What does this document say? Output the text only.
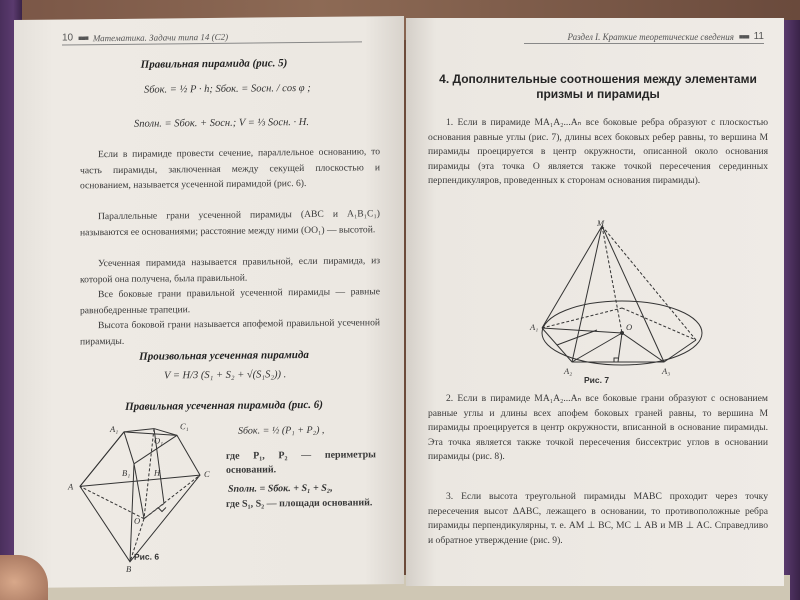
10 ■■■ Математика. Задачи типа 14 (С2)
Правильная пирамида (рис. 5)
Sбок. = ½ P · h; Sбок. = Sосн. / cos φ ;
Sполн. = Sбок. + Sосн.; V = ⅓ Sосн. · H.
Если в пирамиде провести сечение, параллельное основанию, то часть пирамиды, заключенная между секущей плоскостью и основанием, называется усеченной пирамидой (рис. 6).
Параллельные грани усеченной пирамиды (ABC и A₁B₁C₁) называются ее основаниями; расстояние между ними (OO₁) — высотой.
Усеченная пирамида называется правильной, если пирамида, из которой она получена, была правильной.
Все боковые грани правильной усеченной пирамиды — равные равнобедренные трапеции.
Высота боковой грани называется апофемой правильной усеченной пирамиды.
Произвольная усеченная пирамида
V = H/3 (S₁ + S₂ + √(S₁S₂)) .
Правильная усеченная пирамида (рис. 6)
A₁	C₁
O₁
B₁	H
A
C
O
B
Sбок. = ½ (P₁ + P₂) ,
где P₁, P₂ — периметры оснований.
Sполн. = Sбок. + S₁ + S₂,
где S₁, S₂ — площади оснований.
Рис. 6
Раздел I. Краткие теоретические сведения ■■■ 11
4. Дополнительные соотношения между элементами призмы и пирамиды
1. Если в пирамиде MA₁A₂...Aₙ все боковые ребра образуют с плоскостью основания равные углы (рис. 7), длины всех боковых ребер равны, то вершина M пирамиды проецируется в центр окружности, описанной около основания пирамиды (эта точка O является также точкой пересечения серединных перпендикуляров, проведенных к сторонам основания пирамиды).
M
A₁	O
A₂	A₃
Рис. 7
2. Если в пирамиде MA₁A₂...Aₙ все боковые грани образуют с основанием равные углы и длины всех апофем боковых граней равны, то вершина M пирамиды проецируется в центр окружности, вписанной в основание пирамиды. Эта точка является также точкой пересечения биссектрис углов в основании пирамиды (рис. 8).
3. Если высота треугольной пирамиды MABC проходит через точку пересечения высот ΔABC, лежащего в основании, то противоположные ребра пирамиды перпендикулярны, т. е. AM ⊥ BC, MC ⊥ AB и MB ⊥ AC. Справедливо и обратное утверждение (рис. 9).
